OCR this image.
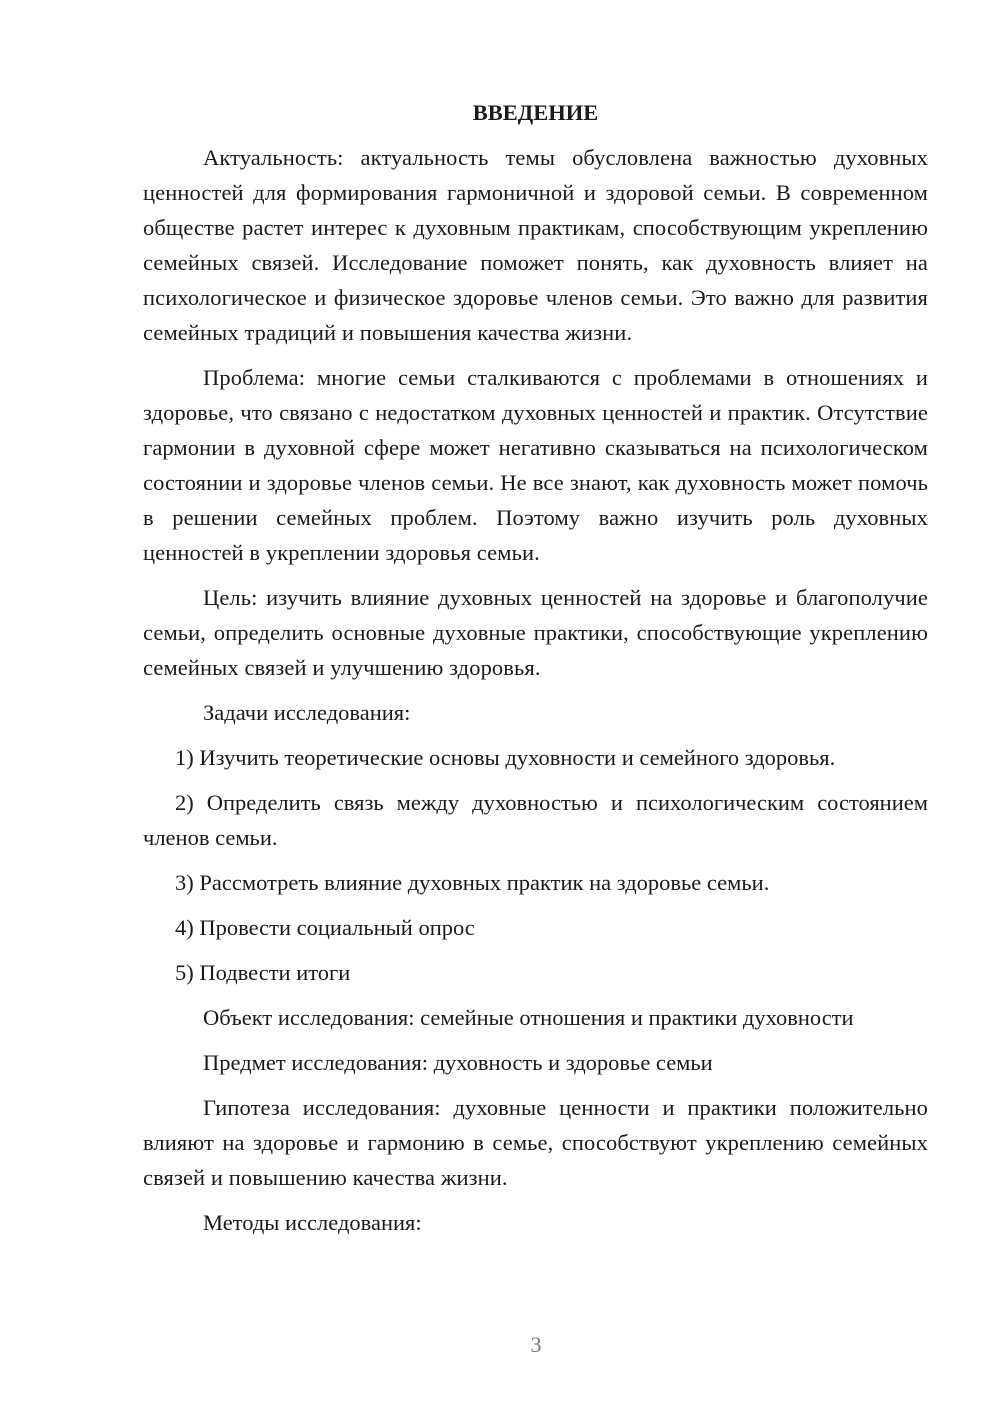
ВВЕДЕНИЕ

Актуальность: актуальность темы обусловлена важностью духовных ценностей для формирования гармоничной и здоровой семьи. В современном обществе растет интерес к духовным практикам, способствующим укреплению семейных связей. Исследование поможет понять, как духовность влияет на психологическое и физическое здоровье членов семьи. Это важно для развития семейных традиций и повышения качества жизни.

Проблема: многие семьи сталкиваются с проблемами в отношениях и здоровье, что связано с недостатком духовных ценностей и практик. Отсутствие гармонии в духовной сфере может негативно сказываться на психологическом состоянии и здоровье членов семьи. Не все знают, как духовность может помочь в решении семейных проблем. Поэтому важно изучить роль духовных ценностей в укреплении здоровья семьи.

Цель: изучить влияние духовных ценностей на здоровье и благополучие семьи, определить основные духовные практики, способствующие укреплению семейных связей и улучшению здоровья.

Задачи исследования:

1) Изучить теоретические основы духовности и семейного здоровья.

2) Определить связь между духовностью и психологическим состоянием членов семьи.

3) Рассмотреть влияние духовных практик на здоровье семьи.

4) Провести социальный опрос

5) Подвести итоги

Объект исследования: семейные отношения и практики духовности

Предмет исследования: духовность и здоровье семьи

Гипотеза исследования: духовные ценности и практики положительно влияют на здоровье и гармонию в семье, способствуют укреплению семейных связей и повышению качества жизни.

Методы исследования:

3
